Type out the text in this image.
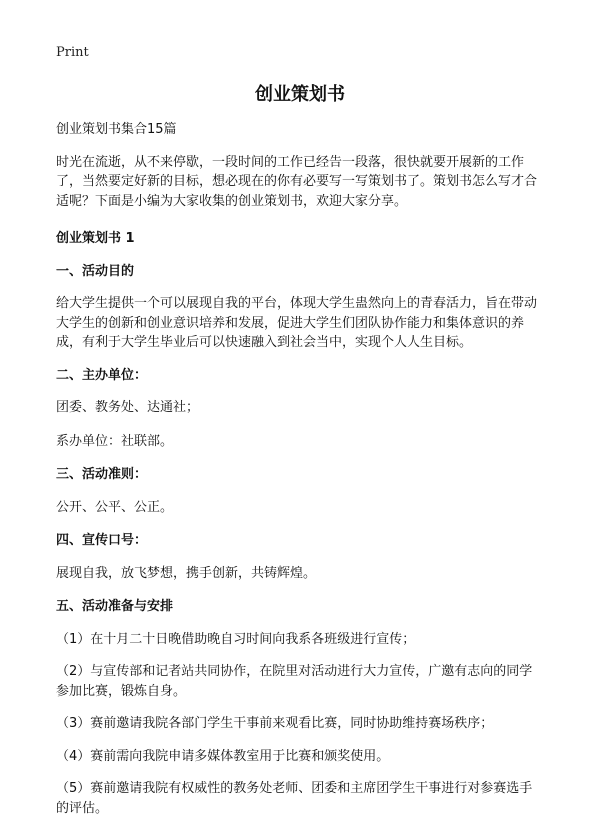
Print
创业策划书

创业策划书集合15篇

时光在流逝，从不来停歇，一段时间的工作已经告一段落，很快就要开展新的工作了，当然要定好新的目标，想必现在的你有必要写一写策划书了。策划书怎么写才合适呢？下面是小编为大家收集的创业策划书，欢迎大家分享。

创业策划书 1

一、活动目的

给大学生提供一个可以展现自我的平台，体现大学生蛊然向上的青春活力，旨在带动大学生的创新和创业意识培养和发展，促进大学生们团队协作能力和集体意识的养成，有利于大学生毕业后可以快速融入到社会当中，实现个人人生目标。

二、主办单位：

团委、教务处、达通社；

系办单位：社联部。

三、活动准则：

公开、公平、公正。

四、宣传口号：

展现自我，放飞梦想，携手创新，共铸辉煌。

五、活动准备与安排

（1）在十月二十日晚借助晚自习时间向我系各班级进行宣传；

（2）与宣传部和记者站共同协作，在院里对活动进行大力宣传，广邀有志向的同学参加比赛，锻炼自身。

（3）赛前邀请我院各部门学生干事前来观看比赛，同时协助维持赛场秩序；

（4）赛前需向我院申请多媒体教室用于比赛和颁奖使用。

（5）赛前邀请我院有权威性的教务处老师、团委和主席团学生干事进行对参赛选手的评估。
